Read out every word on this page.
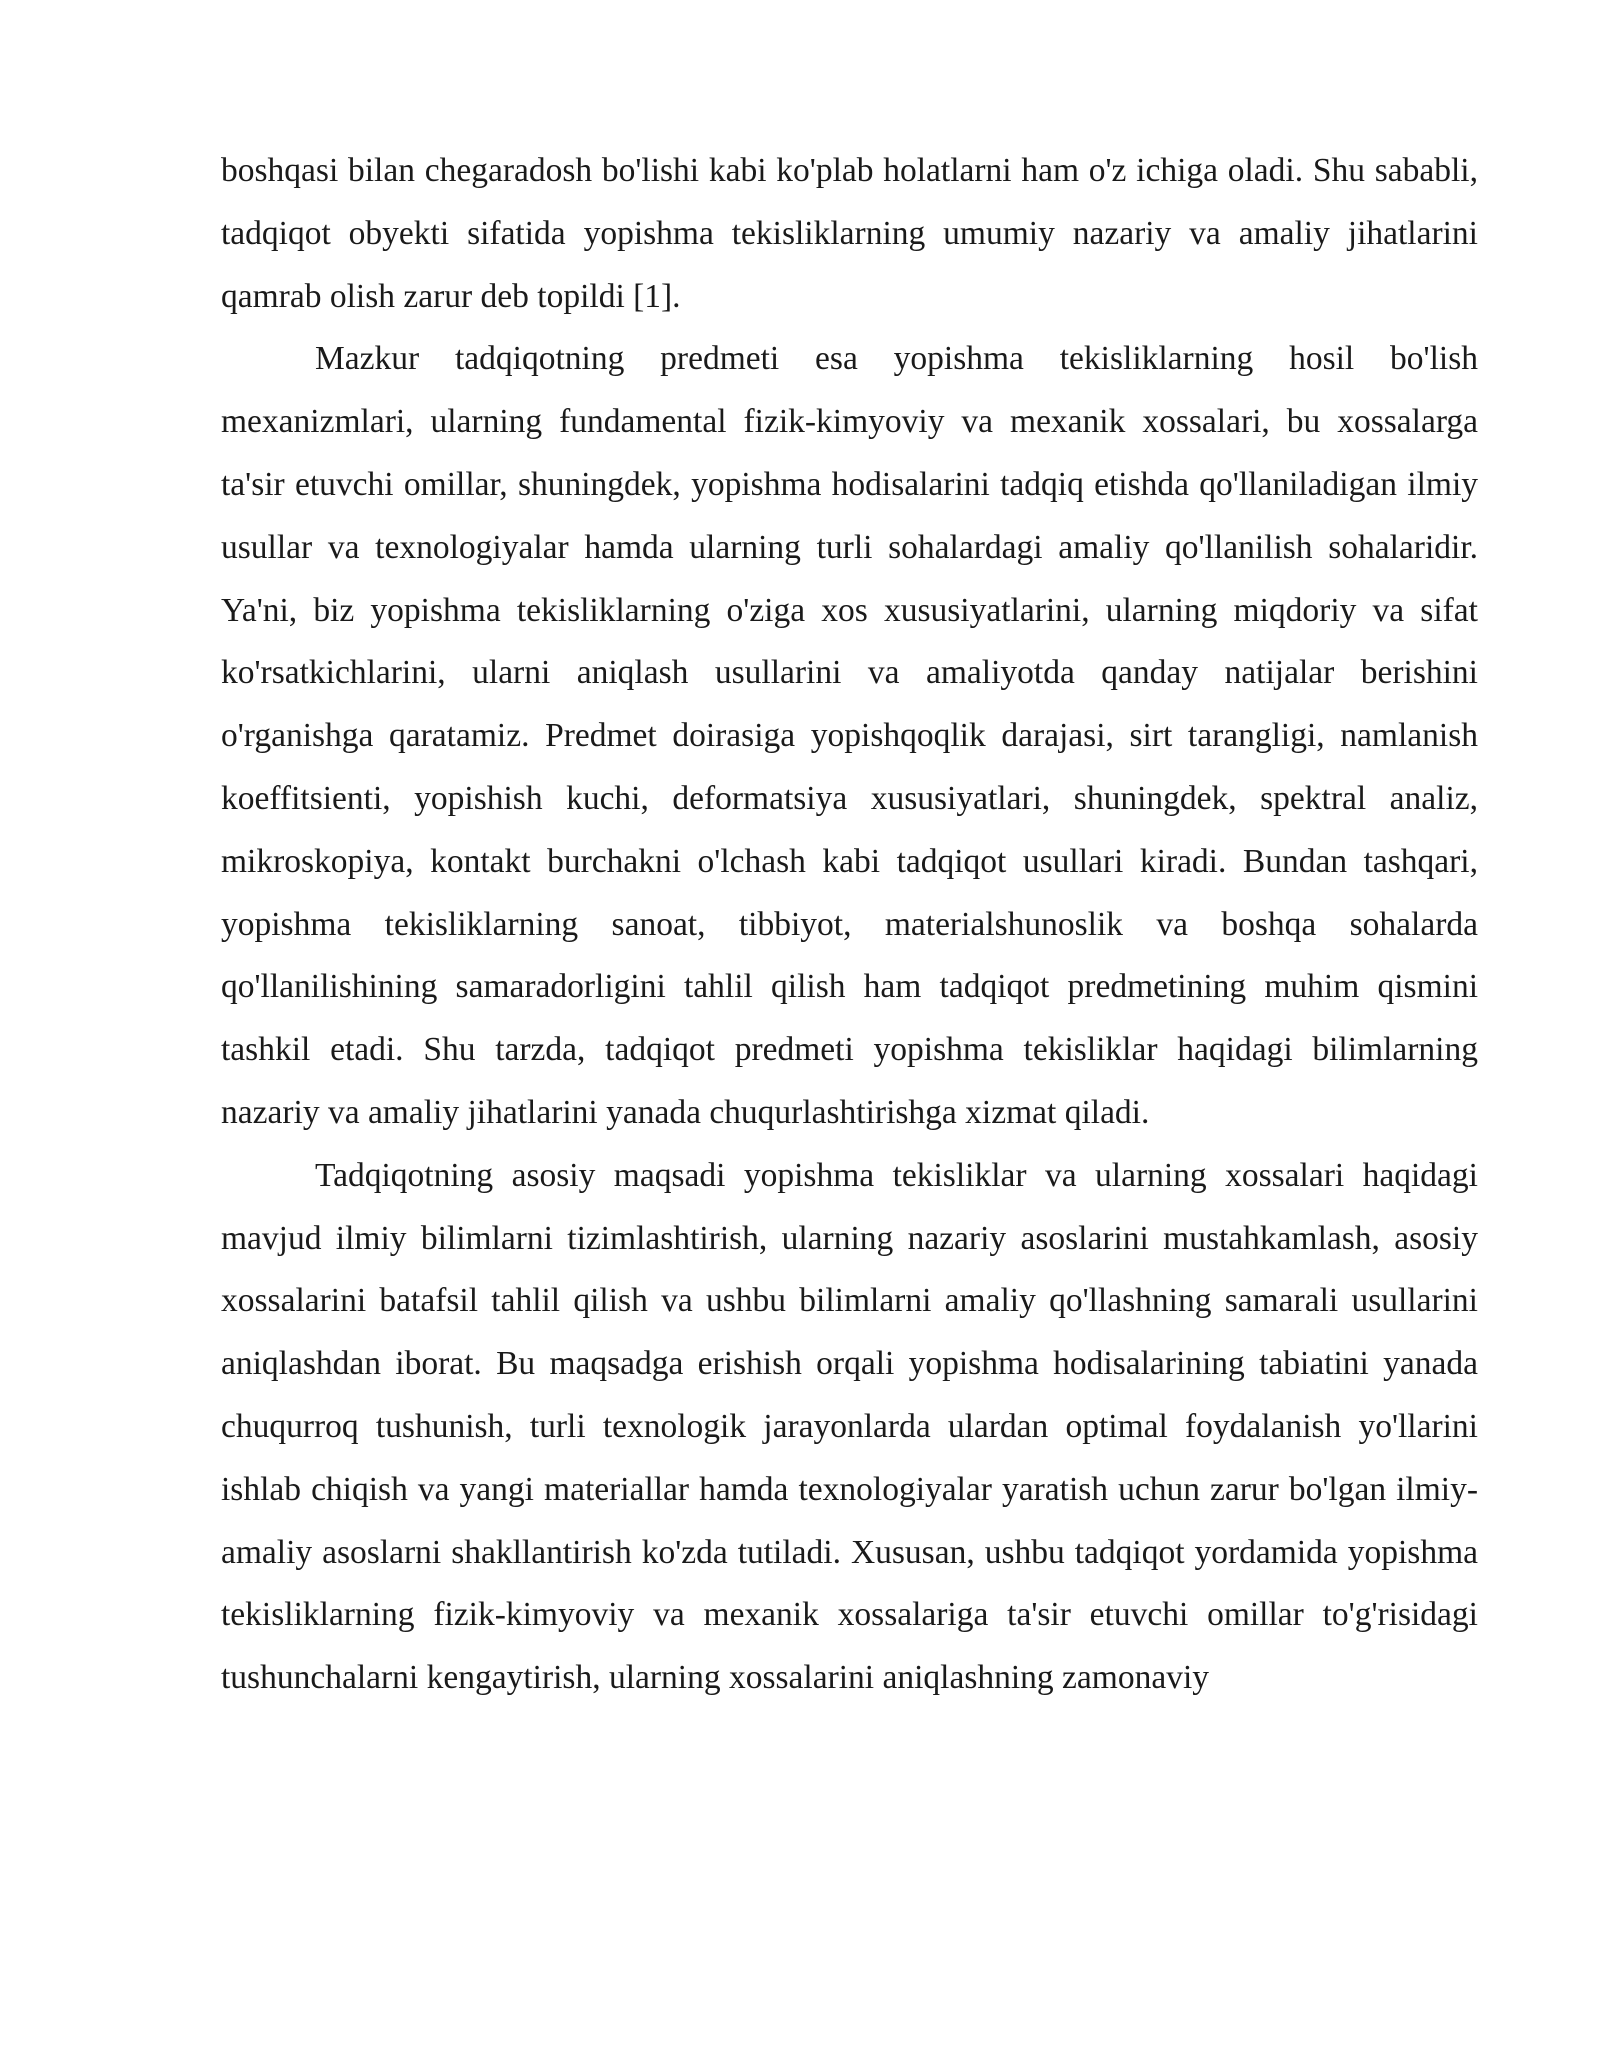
boshqasi bilan chegaradosh bo'lishi kabi ko'plab holatlarni ham o'z ichiga oladi. Shu sababli, tadqiqot obyekti sifatida yopishma tekisliklarning umumiy nazariy va amaliy jihatlarini qamrab olish zarur deb topildi [1].

Mazkur tadqiqotning predmeti esa yopishma tekisliklarning hosil bo'lish mexanizmlari, ularning fundamental fizik-kimyoviy va mexanik xossalari, bu xossalarga ta'sir etuvchi omillar, shuningdek, yopishma hodisalarini tadqiq etishda qo'llaniladigan ilmiy usullar va texnologiyalar hamda ularning turli sohalardagi amaliy qo'llanilish sohalaridir. Ya'ni, biz yopishma tekisliklarning o'ziga xos xususiyatlarini, ularning miqdoriy va sifat ko'rsatkichlarini, ularni aniqlash usullarini va amaliyotda qanday natijalar berishini o'rganishga qaratamiz. Predmet doirasiga yopishqoqlik darajasi, sirt tarangligi, namlanish koeffitsienti, yopishish kuchi, deformatsiya xususiyatlari, shuningdek, spektral analiz, mikroskopiya, kontakt burchakni o'lchash kabi tadqiqot usullari kiradi. Bundan tashqari, yopishma tekisliklarning sanoat, tibbiyot, materialshunoslik va boshqa sohalarda qo'llanilishining samaradorligini tahlil qilish ham tadqiqot predmetining muhim qismini tashkil etadi. Shu tarzda, tadqiqot predmeti yopishma tekisliklar haqidagi bilimlarning nazariy va amaliy jihatlarini yanada chuqurlashtirishga xizmat qiladi.

Tadqiqotning asosiy maqsadi yopishma tekisliklar va ularning xossalari haqidagi mavjud ilmiy bilimlarni tizimlashtirish, ularning nazariy asoslarini mustahkamlash, asosiy xossalarini batafsil tahlil qilish va ushbu bilimlarni amaliy qo'llashning samarali usullarini aniqlashdan iborat. Bu maqsadga erishish orqali yopishma hodisalarining tabiatini yanada chuqurroq tushunish, turli texnologik jarayonlarda ulardan optimal foydalanish yo'llarini ishlab chiqish va yangi materiallar hamda texnologiyalar yaratish uchun zarur bo'lgan ilmiy-amaliy asoslarni shakllantirish ko'zda tutiladi. Xususan, ushbu tadqiqot yordamida yopishma tekisliklarning fizik-kimyoviy va mexanik xossalariga ta'sir etuvchi omillar to'g'risidagi tushunchalarni kengaytirish, ularning xossalarini aniqlashning zamonaviy
